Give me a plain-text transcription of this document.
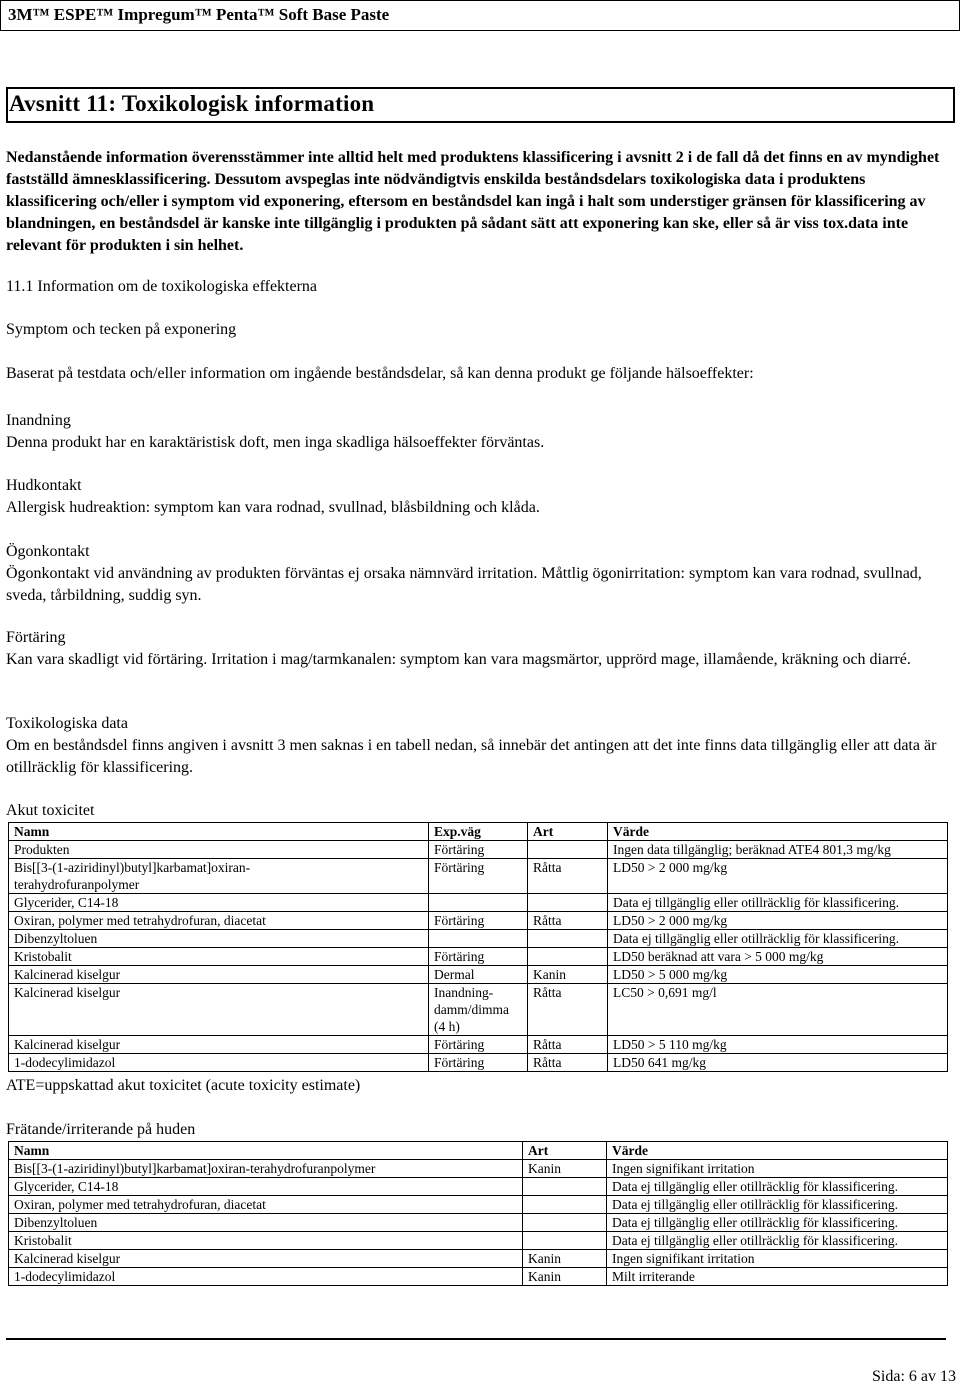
3M™ ESPE™ Impregum™ Penta™ Soft Base Paste
Avsnitt 11: Toxikologisk information
Nedanstående information överensstämmer inte alltid helt med produktens klassificering i avsnitt 2 i de fall då det finns en av myndighet fastställd ämnesklassificering. Dessutom avspeglas inte nödvändigtvis enskilda beståndsdelars toxikologiska data i produktens klassificering och/eller i symptom vid exponering, eftersom en beståndsdel kan ingå i halt som understiger gränsen för klassificering av blandningen, en beståndsdel är kanske inte tillgänglig i produkten på sådant sätt att exponering kan ske, eller så är viss tox.data inte relevant för produkten i sin helhet.
11.1 Information om de toxikologiska effekterna
Symptom och tecken på exponering
Baserat på testdata och/eller information om ingående beståndsdelar, så kan denna produkt ge följande hälsoeffekter:
Inandning
Denna produkt har en karaktäristisk doft, men inga skadliga hälsoeffekter förväntas.
Hudkontakt
Allergisk hudreaktion: symptom kan vara rodnad, svullnad, blåsbildning och klåda.
Ögonkontakt
Ögonkontakt vid användning av produkten förväntas ej orsaka nämnvärd irritation. Måttlig ögonirritation: symptom kan vara rodnad, svullnad, sveda, tårbildning, suddig syn.
Förtäring
Kan vara skadligt vid förtäring. Irritation i mag/tarmkanalen: symptom kan vara magsmärtor, upprörd mage, illamående, kräkning och diarré.
Toxikologiska data
Om en beståndsdel finns angiven i avsnitt 3 men saknas i en tabell nedan, så innebär det antingen att det inte finns data tillgänglig eller att data är otillräcklig för klassificering.
Akut toxicitet
Namn	Exp.väg	Art	Värde
Produkten	Förtäring		Ingen data tillgänglig; beräknad ATE4 801,3 mg/kg
Bis[[3-(1-aziridinyl)butyl]karbamat]oxiran-terahydrofuranpolymer	Förtäring	Råtta	LD50 > 2 000 mg/kg
Glycerider, C14-18			Data ej tillgänglig eller otillräcklig för klassificering.
Oxiran, polymer med tetrahydrofuran, diacetat	Förtäring	Råtta	LD50 > 2 000 mg/kg
Dibenzyltoluen			Data ej tillgänglig eller otillräcklig för klassificering.
Kristobalit	Förtäring		LD50 beräknad att vara > 5 000 mg/kg
Kalcinerad kiselgur	Dermal	Kanin	LD50 > 5 000 mg/kg
Kalcinerad kiselgur	Inandning-damm/dimma (4 h)	Råtta	LC50 > 0,691 mg/l
Kalcinerad kiselgur	Förtäring	Råtta	LD50 > 5 110 mg/kg
1-dodecylimidazol	Förtäring	Råtta	LD50 641 mg/kg
ATE=uppskattad akut toxicitet (acute toxicity estimate)
Frätande/irriterande på huden
Namn	Art	Värde
Bis[[3-(1-aziridinyl)butyl]karbamat]oxiran-terahydrofuranpolymer	Kanin	Ingen signifikant irritation
Glycerider, C14-18		Data ej tillgänglig eller otillräcklig för klassificering.
Oxiran, polymer med tetrahydrofuran, diacetat		Data ej tillgänglig eller otillräcklig för klassificering.
Dibenzyltoluen		Data ej tillgänglig eller otillräcklig för klassificering.
Kristobalit		Data ej tillgänglig eller otillräcklig för klassificering.
Kalcinerad kiselgur	Kanin	Ingen signifikant irritation
1-dodecylimidazol	Kanin	Milt irriterande
Sida: 6 av 13
